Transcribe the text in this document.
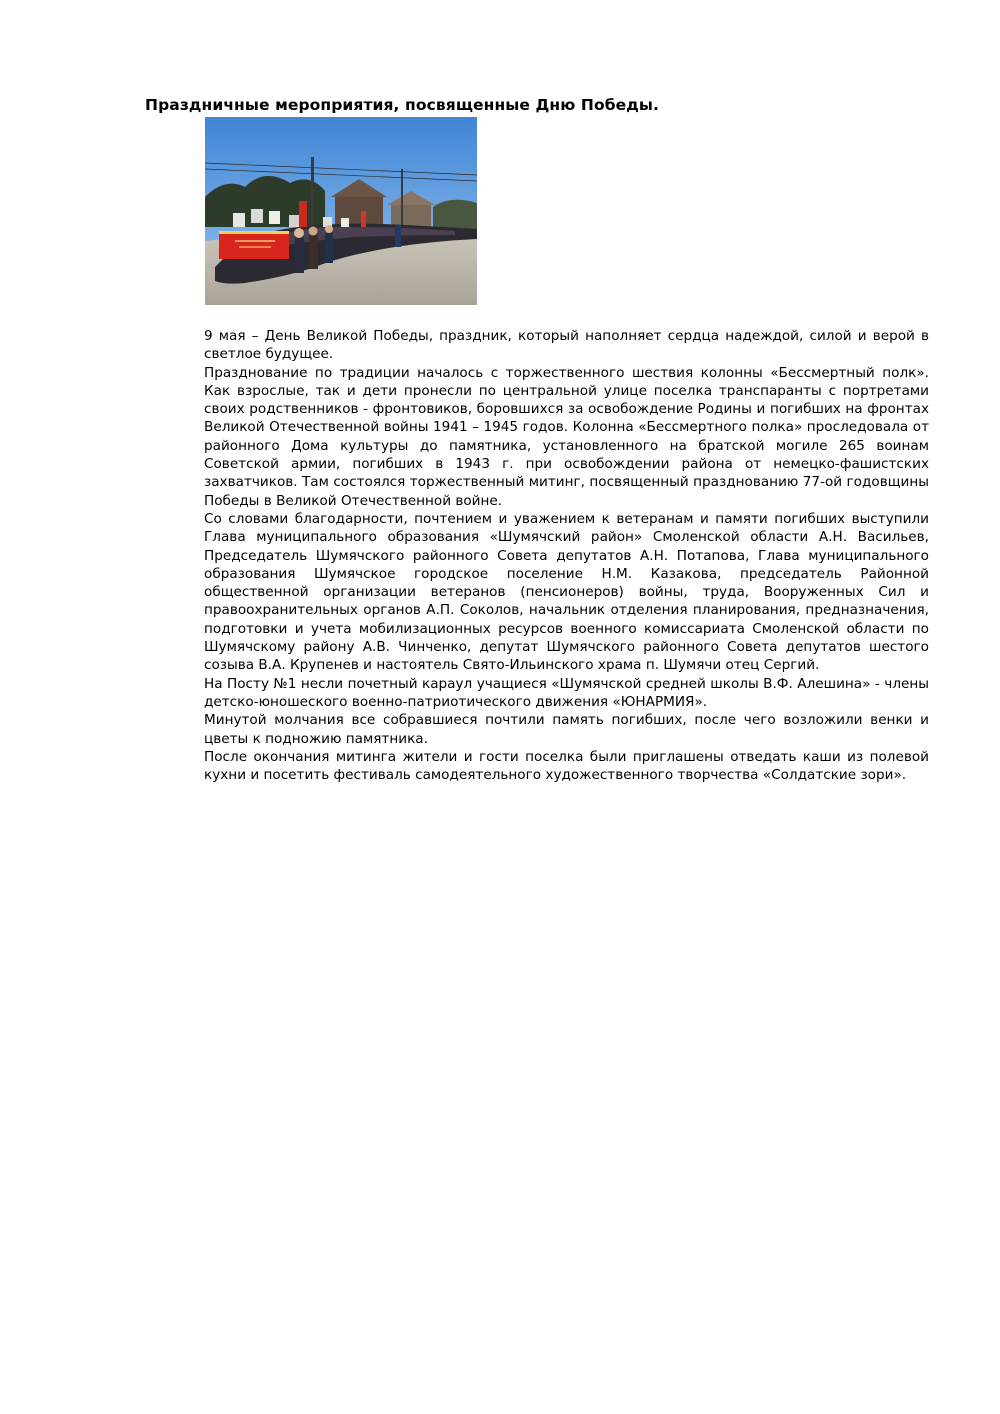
Праздничные мероприятия, посвященные Дню Победы.

9 мая – День Великой Победы, праздник, который наполняет сердца надеждой, силой и верой в светлое будущее.

Празднование по традиции началось с торжественного шествия колонны «Бессмертный полк». Как взрослые, так и дети пронесли по центральной улице поселка транспаранты с портретами своих родственников - фронтовиков, боровшихся за освобождение Родины и погибших на фронтах Великой Отечественной войны 1941 – 1945 годов. Колонна «Бессмертного полка» проследовала от районного Дома культуры до памятника, установленного на братской могиле 265 воинам Советской армии, погибших в 1943 г. при освобождении района от немецко-фашистских захватчиков. Там состоялся торжественный митинг, посвященный празднованию 77-ой годовщины Победы в Великой Отечественной войне.

Со словами благодарности, почтением и уважением к ветеранам и памяти погибших выступили Глава муниципального образования «Шумячский район» Смоленской области А.Н. Васильев, Председатель Шумячского районного Совета депутатов А.Н. Потапова, Глава муниципального образования Шумячское городское поселение Н.М. Казакова, председатель Районной общественной организации ветеранов (пенсионеров) войны, труда, Вооруженных Сил и правоохранительных органов А.П. Соколов, начальник отделения планирования, предназначения, подготовки и учета мобилизационных ресурсов военного комиссариата Смоленской области по Шумячскому району А.В. Чинченко, депутат Шумячского районного Совета депутатов шестого созыва В.А. Крупенев и настоятель Свято-Ильинского храма п. Шумячи отец Сергий.

На Посту №1 несли почетный караул учащиеся «Шумячской средней школы В.Ф. Алешина» - члены детско-юношеского военно-патриотического движения «ЮНАРМИЯ».

Минутой молчания все собравшиеся почтили память погибших, после чего возложили венки и цветы к подножию памятника.

После окончания митинга жители и гости поселка были приглашены отведать каши из полевой кухни и посетить фестиваль самодеятельного художественного творчества «Солдатские зори».
